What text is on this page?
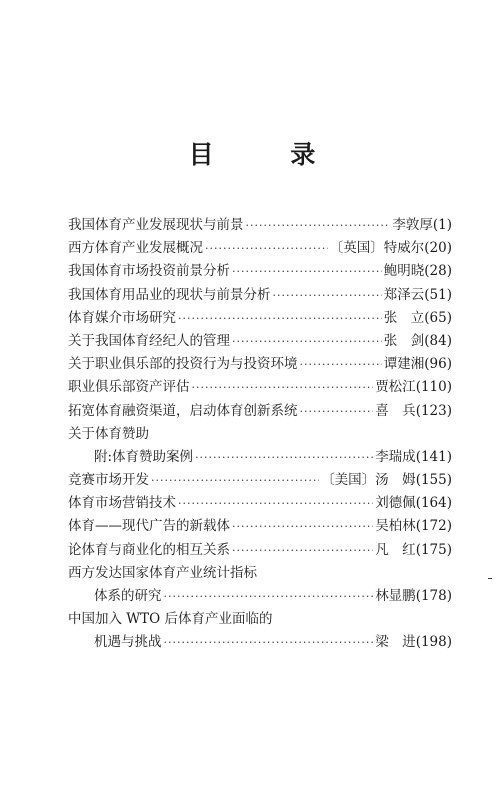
目 录
我国体育产业发展现状与前景 ·····	李敦厚 (1)
西方体育产业发展概况 ·····	〔英国〕特威尔 (20)
我国体育市场投资前景分析 ·····	鲍明晓 (28)
我国体育用品业的现状与前景分析 ·····	郑泽云 (51)
体育媒介市场研究 ·····	张　立 (65)
关于我国体育经纪人的管理 ·····	张　剑 (84)
关于职业俱乐部的投资行为与投资环境 ·····	谭建湘 (96)
职业俱乐部资产评估 ·····	贾松江 (110)
拓宽体育融资渠道，启动体育创新系统 ·····	喜　兵 (123)
关于体育赞助
附:体育赞助案例 ·····	李瑞成 (141)
竞赛市场开发 ·····	〔美国〕汤　姆 (155)
体育市场营销技术 ·····	刘德佩 (164)
体育——现代广告的新载体 ·····	吴柏林 (172)
论体育与商业化的相互关系 ·····	凡　红 (175)
西方发达国家体育产业统计指标
体系的研究 ·····	林显鹏 (178)
中国加入 WTO 后体育产业面临的
机遇与挑战 ·····	梁　进 (198)
